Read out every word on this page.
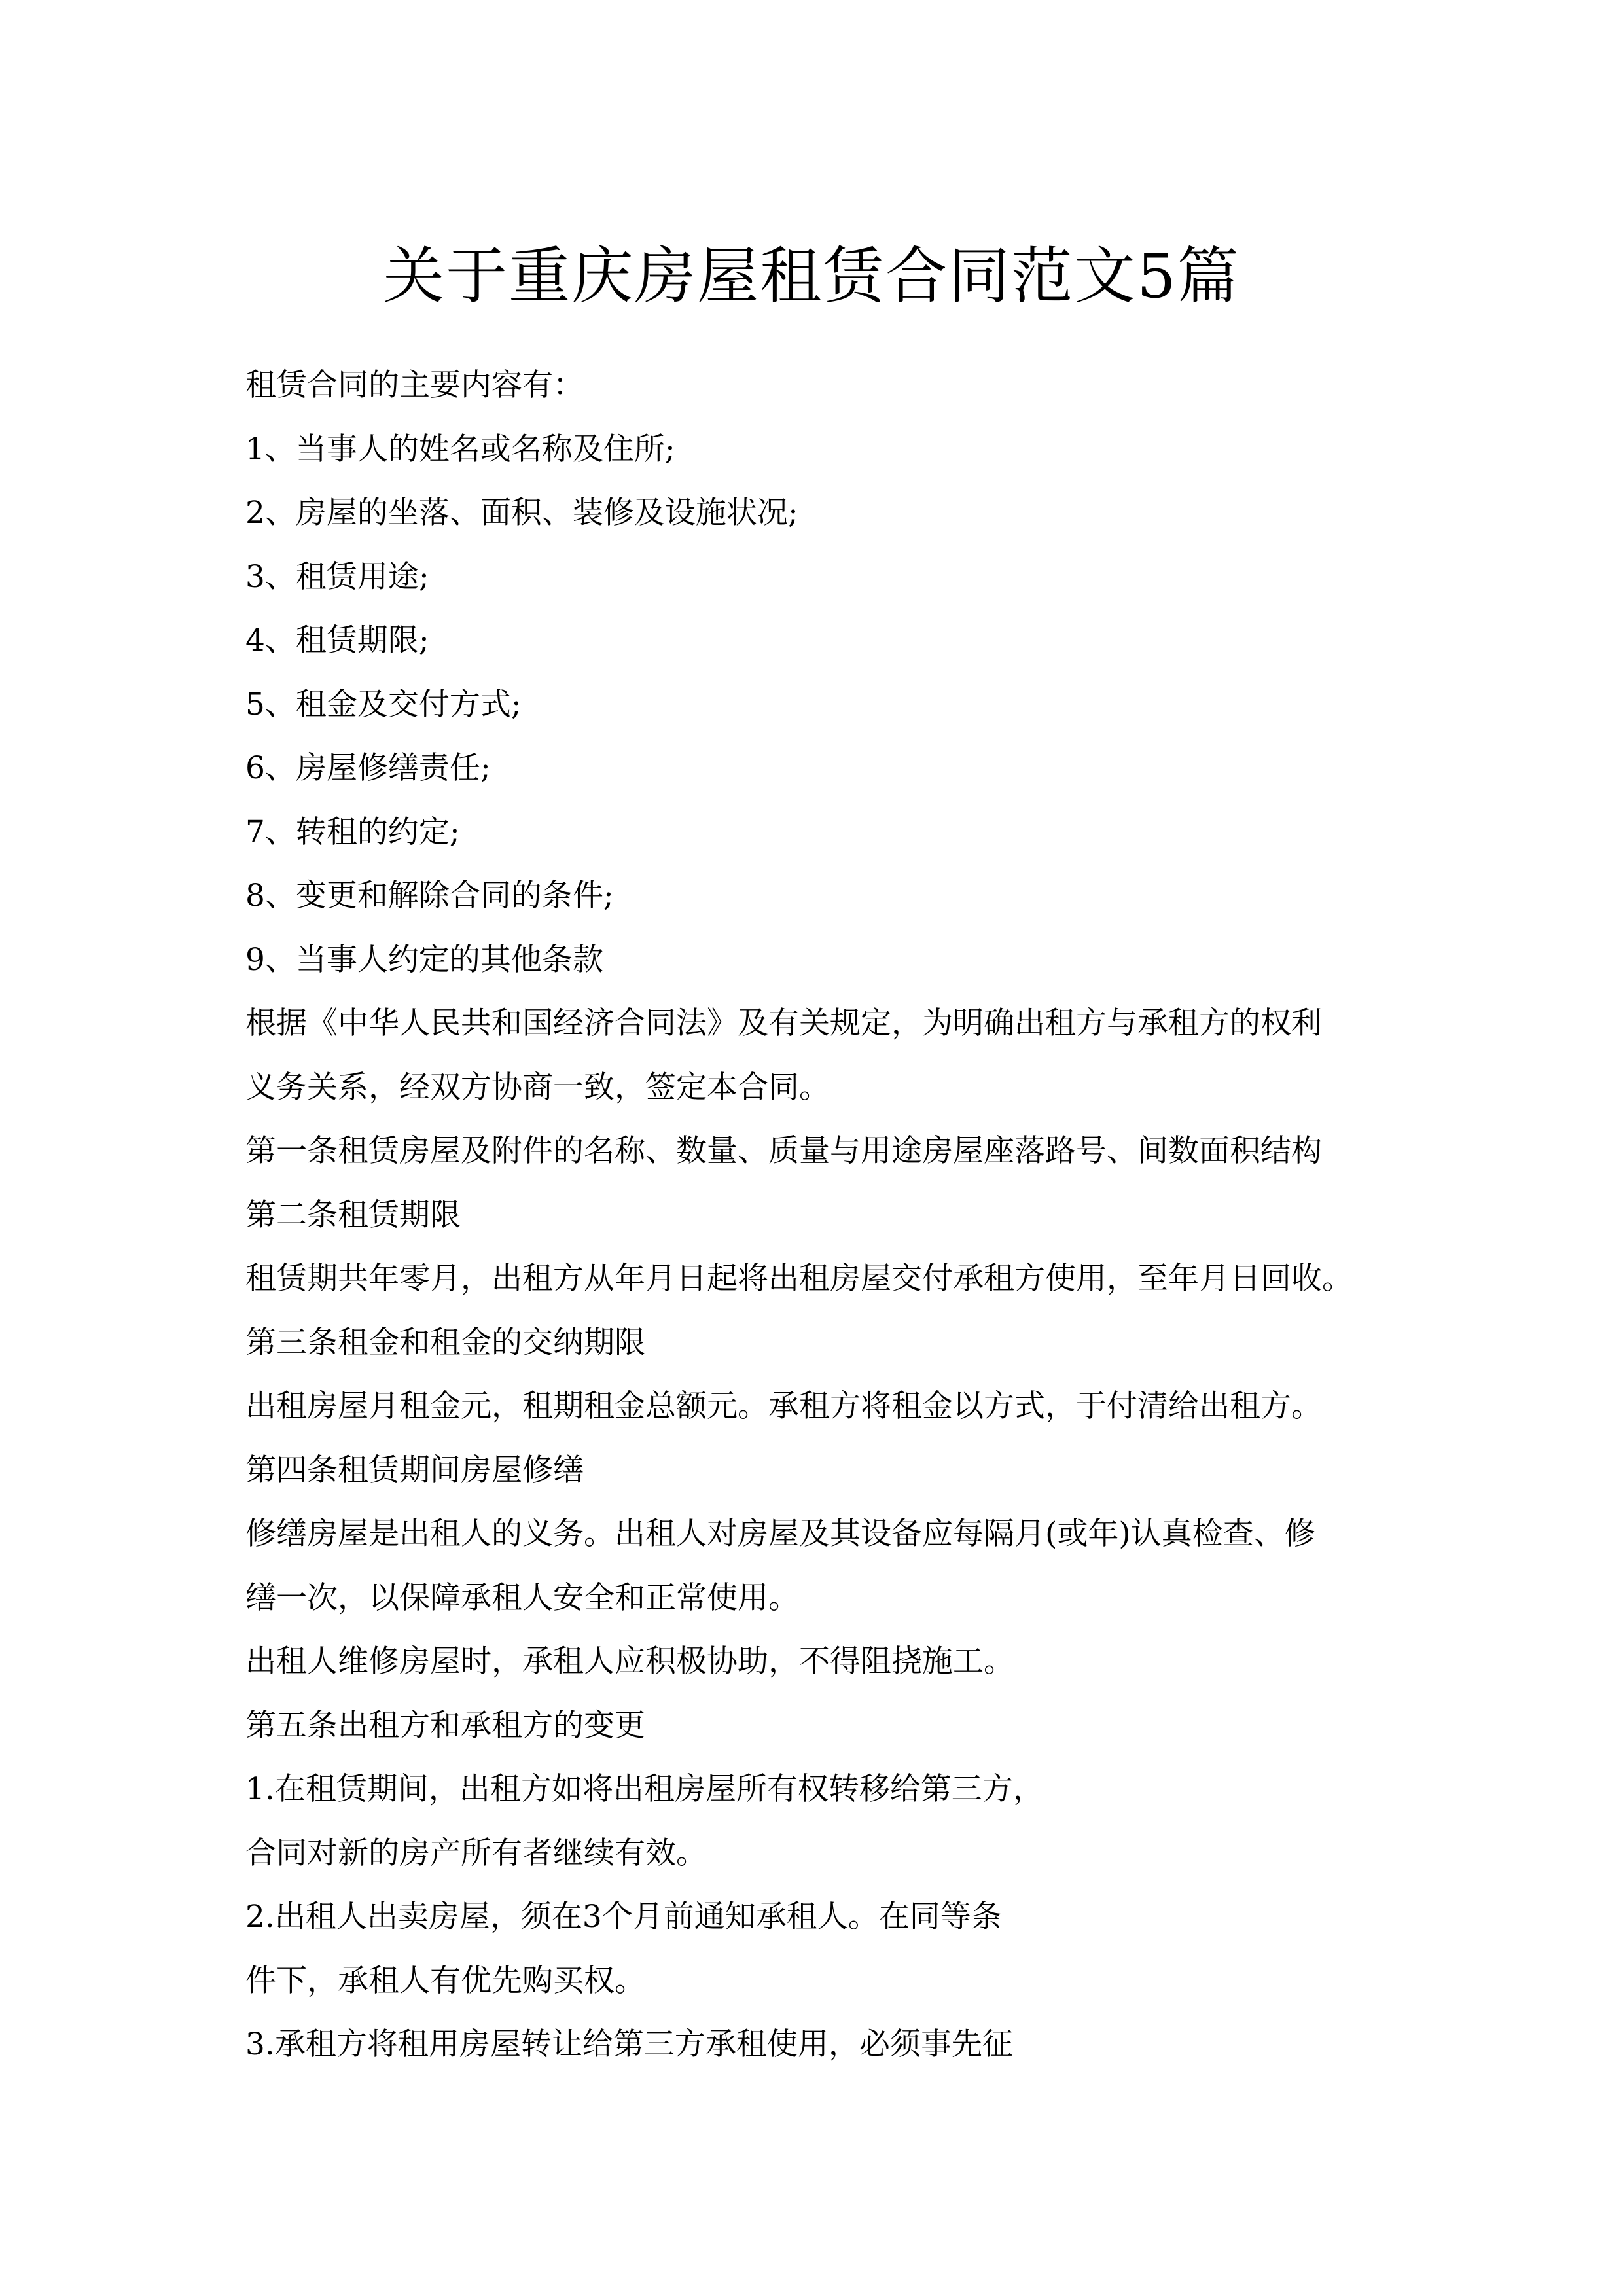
关于重庆房屋租赁合同范文5篇
租赁合同的主要内容有：
1、当事人的姓名或名称及住所;
2、房屋的坐落、面积、装修及设施状况;
3、租赁用途;
4、租赁期限;
5、租金及交付方式;
6、房屋修缮责任;
7、转租的约定;
8、变更和解除合同的条件;
9、当事人约定的其他条款
根据《中华人民共和国经济合同法》及有关规定，为明确出租方与承租方的权利
义务关系，经双方协商一致，签定本合同。
第一条租赁房屋及附件的名称、数量、质量与用途房屋座落路号、间数面积结构
第二条租赁期限
租赁期共年零月，出租方从年月日起将出租房屋交付承租方使用，至年月日回收。
第三条租金和租金的交纳期限
出租房屋月租金元，租期租金总额元。承租方将租金以方式，于付清给出租方。
第四条租赁期间房屋修缮
修缮房屋是出租人的义务。出租人对房屋及其设备应每隔月(或年)认真检查、修
缮一次，以保障承租人安全和正常使用。
出租人维修房屋时，承租人应积极协助，不得阻挠施工。
第五条出租方和承租方的变更
1.在租赁期间，出租方如将出租房屋所有权转移给第三方，
合同对新的房产所有者继续有效。
2.出租人出卖房屋，须在3个月前通知承租人。在同等条
件下，承租人有优先购买权。
3.承租方将租用房屋转让给第三方承租使用，必须事先征
